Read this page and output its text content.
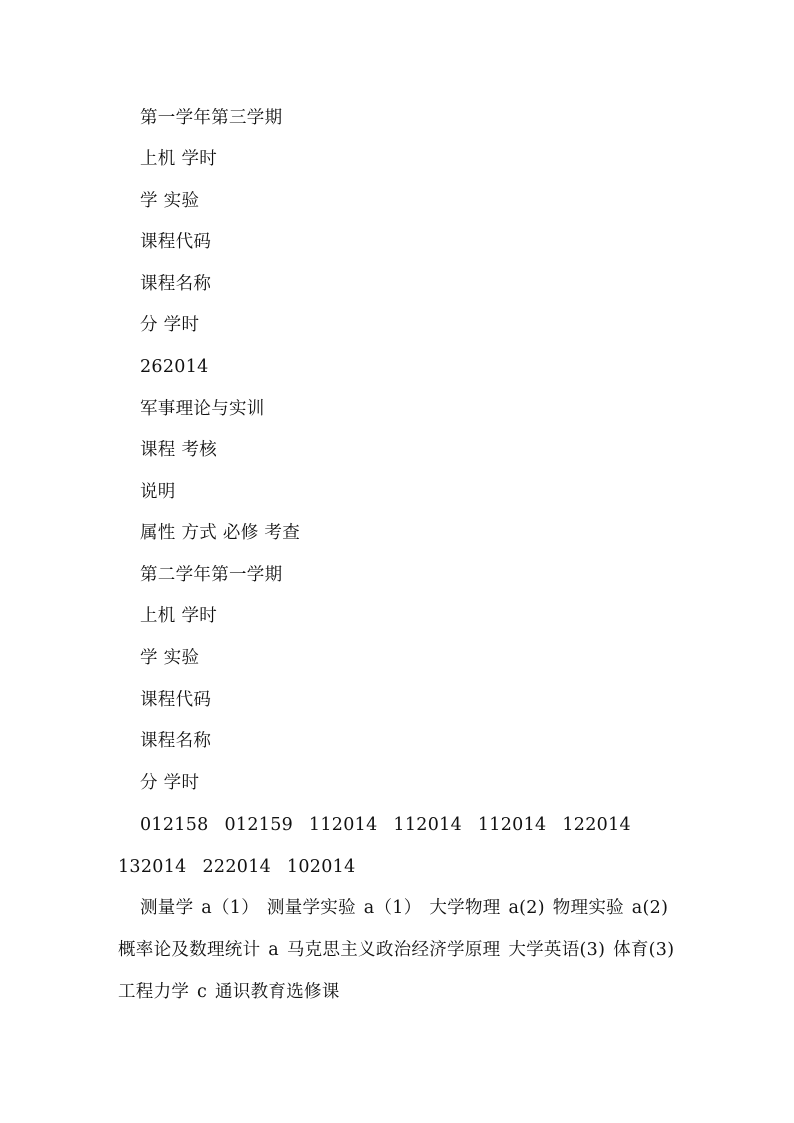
第一学年第三学期
上机 学时
学 实验
课程代码
课程名称
分 学时
262014
军事理论与实训
课程 考核
说明
属性 方式 必修 考查
第二学年第一学期
上机 学时
学 实验
课程代码
课程名称
分 学时
012158 012159 112014 112014 112014 122014 132014 222014 102014
测量学 a（1） 测量学实验 a（1） 大学物理 a(2) 物理实验 a(2) 概率论及数理统计 a 马克思主义政治经济学原理 大学英语(3) 体育(3) 工程力学 c 通识教育选修课
